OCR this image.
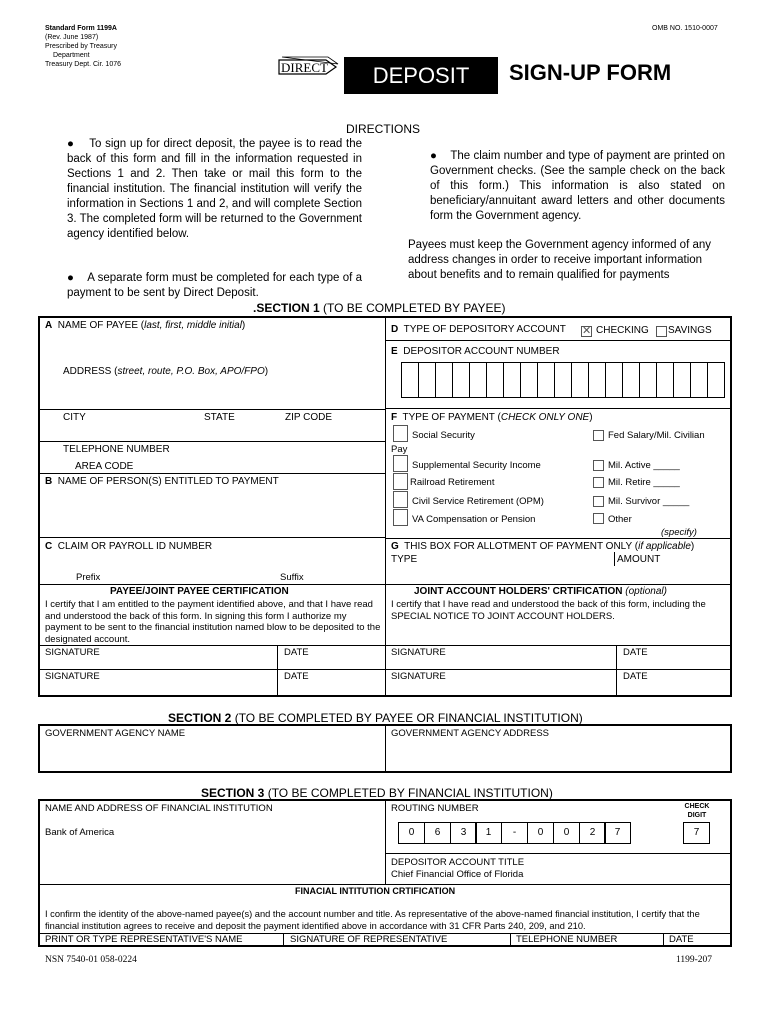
Standard Form 1199A
(Rev. June 1987)
Prescribed by Treasury
Department
Treasury Dept. Cir. 1076
OMB NO. 1510-0007
DIRECT	DEPOSIT	SIGN-UP FORM
DIRECTIONS
●    To sign up for direct deposit, the payee is to read the back of this form and fill in the information requested in Sections 1 and 2. Then take or mail this form to the financial institution. The financial institution will verify the information in Sections 1 and 2, and will complete Section 3. The completed form will be returned to the Government agency identified below.
●    A separate form must be completed for each type of a payment to be sent by Direct Deposit.
●    The claim number and type of payment are printed on Government checks. (See the sample check on the back of this form.) This information is also stated on beneficiary/annuitant award letters and other documents form the Government agency.
Payees must keep the Government agency informed of any address changes in order to receive important information about benefits and to remain qualified for payments
.SECTION 1 (TO BE COMPLETED BY PAYEE)
A NAME OF PAYEE (last, first, middle initial)
ADDRESS (street, route, P.O. Box, APO/FPO)
CITY	STATE	ZIP CODE
TELEPHONE NUMBER
AREA CODE
B NAME OF PERSON(S) ENTITLED TO PAYMENT
C CLAIM OR PAYROLL ID NUMBER
Prefix	Suffix
D TYPE OF DEPOSITORY ACCOUNT ✕ CHECKING SAVINGS
E DEPOSITOR ACCOUNT NUMBER
F TYPE OF PAYMENT (CHECK ONLY ONE)
Social Security
Pay
Supplemental Security Income
Railroad Retirement
Civil Service Retirement (OPM)
VA Compensation or Pension
Fed Salary/Mil. Civilian
Mil. Active _____
Mil. Retire _____
Mil. Survivor _____
Other
(specify)
G THIS BOX FOR ALLOTMENT OF PAYMENT ONLY (if applicable)
TYPE	AMOUNT
PAYEE/JOINT PAYEE CERTIFICATION
I certify that I am entitled to the payment identified above, and that I have read and understood the back of this form. In signing this form I authorize my payment to be sent to the financial institution named blow to be deposited to the designated account.
JOINT ACCOUNT HOLDERS' CRTIFICATION (optional)
I certify that I have read and understood the back of this form, including the SPECIAL NOTICE TO JOINT ACCOUNT HOLDERS.
SIGNATURE	DATE	SIGNATURE	DATE
SIGNATURE	DATE	SIGNATURE	DATE
SECTION 2 (TO BE COMPLETED BY PAYEE OR FINANCIAL INSTITUTION)
GOVERNMENT AGENCY NAME	GOVERNMENT AGENCY ADDRESS
SECTION 3 (TO BE COMPLETED BY FINANCIAL INSTITUTION)
NAME AND ADDRESS OF FINANCIAL INSTITUTION
Bank of America
ROUTING NUMBER	CHECK
DIGIT
0	6	3	1	-	0	0	2	7	7
DEPOSITOR ACCOUNT TITLE
Chief Financial Office of Florida
FINACIAL INTITUTION CRTIFICATION
I confirm the identity of the above-named payee(s) and the account number and title. As representative of the above-named financial institution, I certify that the financial institution agrees to receive and deposit the payment identified above in accordance with 31 CFR Parts 240, 209, and 210.
PRINT OR TYPE REPRESENTATIVE'S NAME	SIGNATURE OF REPRESENTATIVE	TELEPHONE NUMBER	DATE
NSN 7540-01 058-0224	1199-207
